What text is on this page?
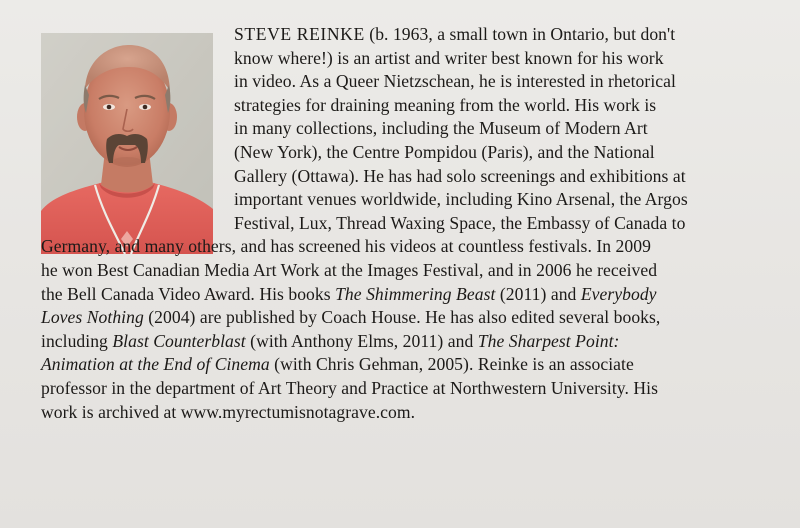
STEVE REINKE (b. 1963, a small town in Ontario, but don't
know where!) is an artist and writer best known for his work
in video. As a Queer Nietzschean, he is interested in rhetorical
strategies for draining meaning from the world. His work is
in many collections, including the Museum of Modern Art
(New York), the Centre Pompidou (Paris), and the National
Gallery (Ottawa). He has had solo screenings and exhibitions at
important venues worldwide, including Kino Arsenal, the Argos
Festival, Lux, Thread Waxing Space, the Embassy of Canada to
Germany, and many others, and has screened his videos at countless festivals. In 2009
he won Best Canadian Media Art Work at the Images Festival, and in 2006 he received
the Bell Canada Video Award. His books The Shimmering Beast (2011) and Everybody
Loves Nothing (2004) are published by Coach House. He has also edited several books,
including Blast Counterblast (with Anthony Elms, 2011) and The Sharpest Point:
Animation at the End of Cinema (with Chris Gehman, 2005). Reinke is an associate
professor in the department of Art Theory and Practice at Northwestern University. His
work is archived at www.myrectumisnotagrave.com.
